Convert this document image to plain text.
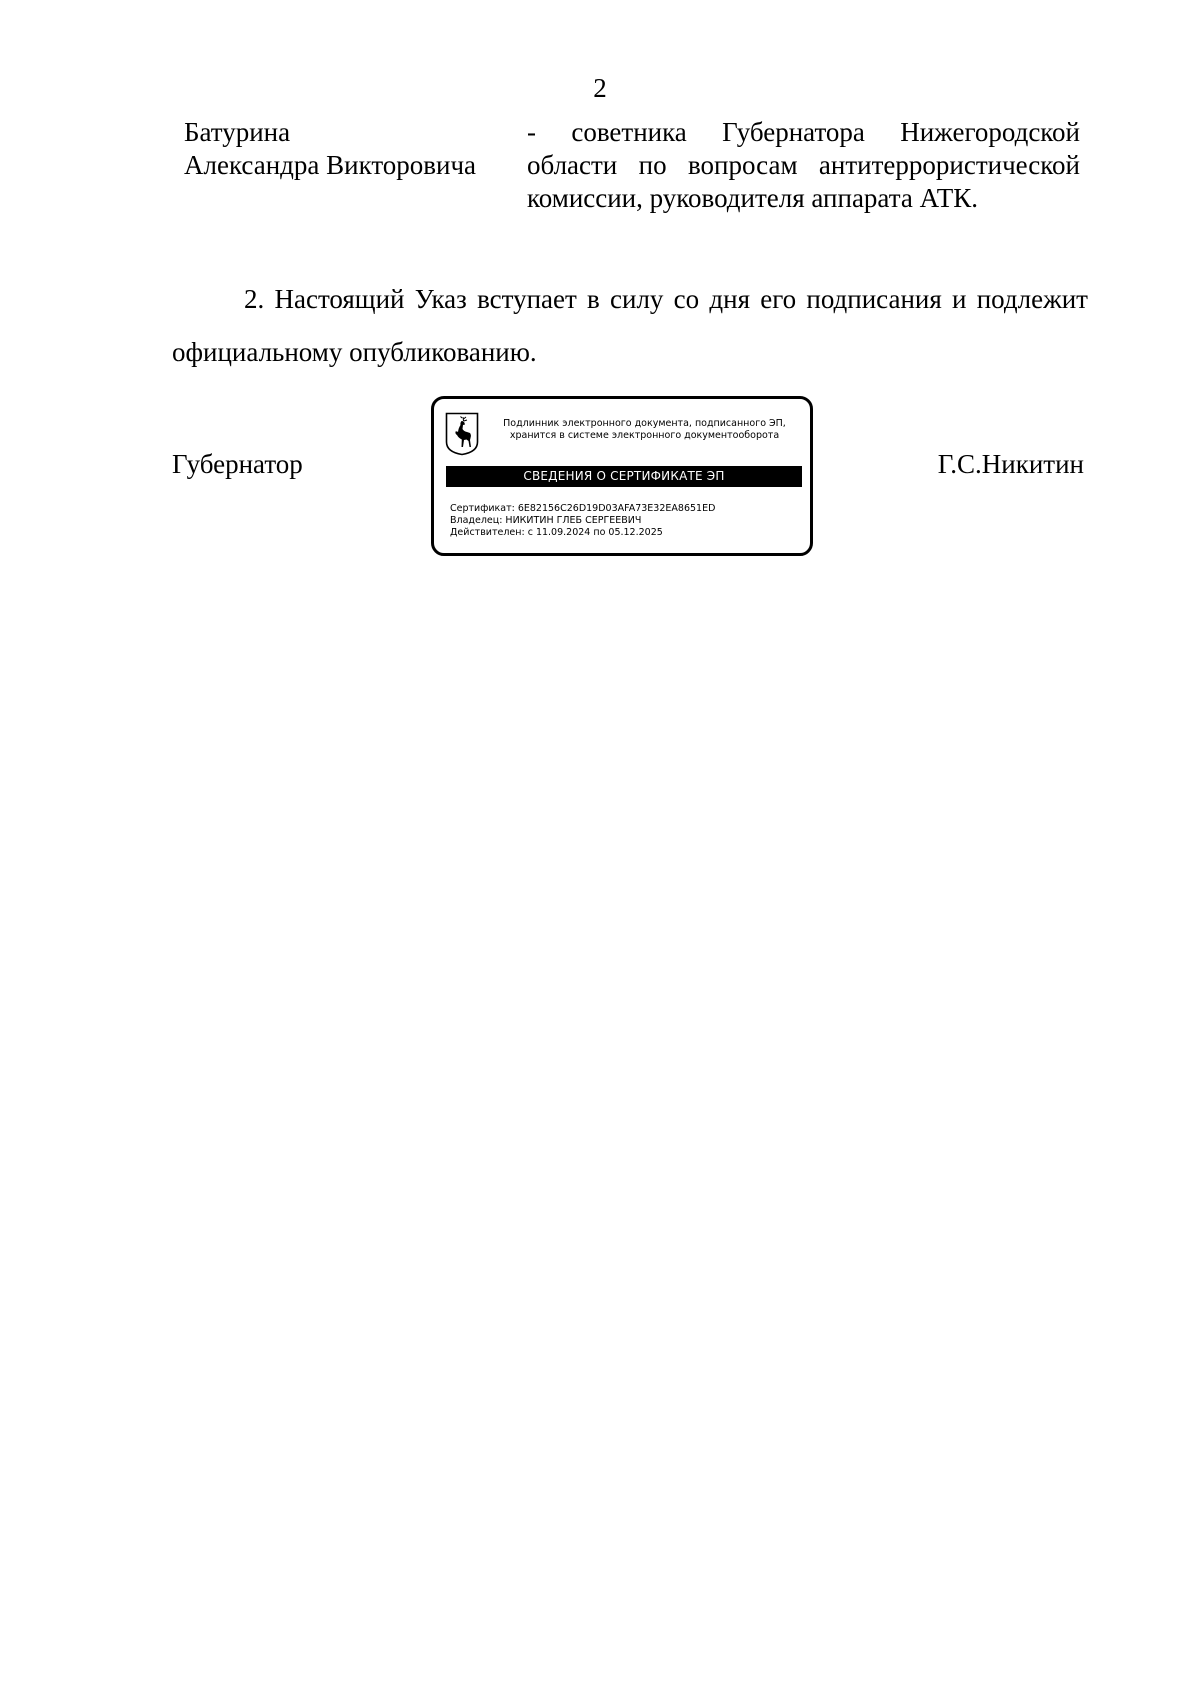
2
Батурина
Александра Викторовича
- советника Губернатора Нижегородской области по вопросам антитеррористической комиссии, руководителя аппарата АТК.

2. Настоящий Указ вступает в силу со дня его подписания и подлежит официальному опубликованию.

Губернатор
Подлинник электронного документа, подписанного ЭП,
хранится в системе электронного документооборота
СВЕДЕНИЯ О СЕРТИФИКАТЕ ЭП
Сертификат: 6E82156C26D19D03AFA73E32EA8651ED
Владелец: НИКИТИН ГЛЕБ СЕРГЕЕВИЧ
Действителен: с 11.09.2024 по 05.12.2025
Г.С.Никитин
